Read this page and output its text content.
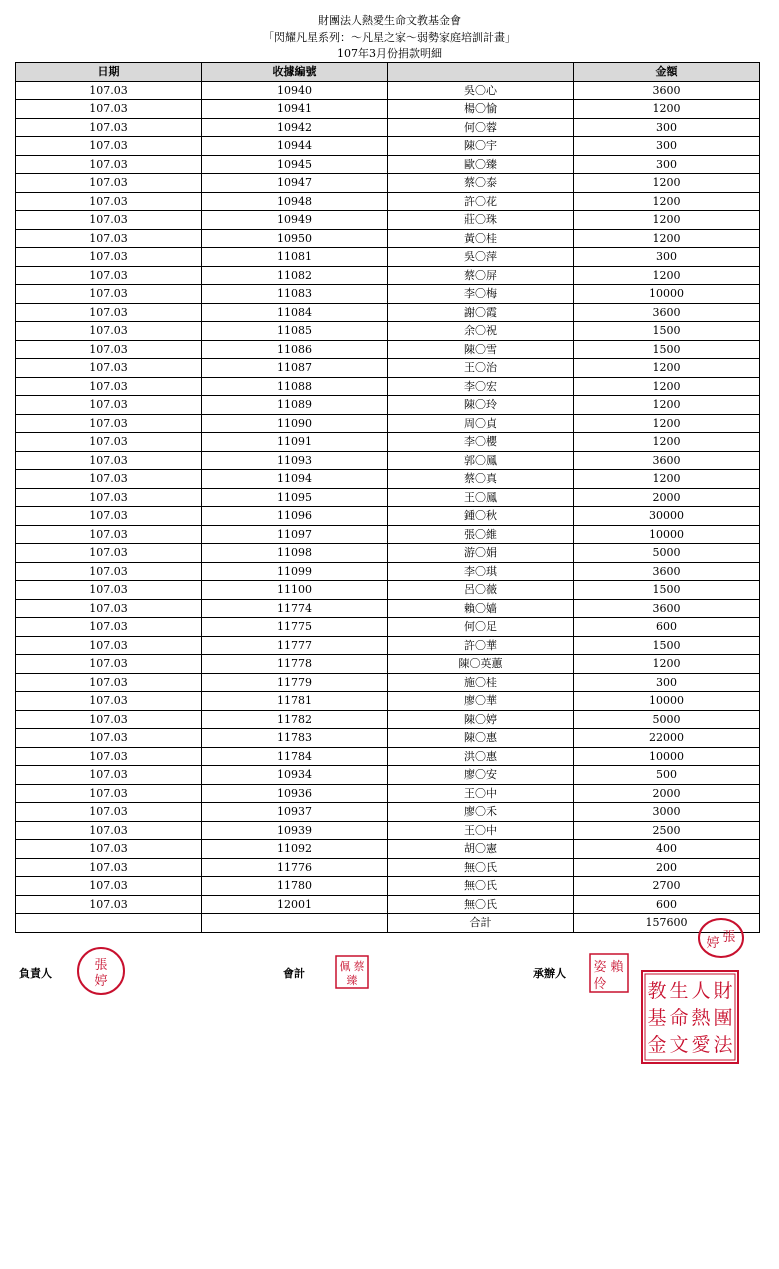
財團法人熱愛生命文教基金會
「閃耀凡星系列：〜凡星之家〜弱勢家庭培訓計畫」
107年3月份捐款明細
日期	收據編號		金額
107.03	10940	吳〇心	3600
107.03	10941	楊〇愉	1200
107.03	10942	何〇蓉	300
107.03	10944	陳〇宇	300
107.03	10945	歐〇臻	300
107.03	10947	蔡〇泰	1200
107.03	10948	許〇花	1200
107.03	10949	莊〇珠	1200
107.03	10950	黃〇桂	1200
107.03	11081	吳〇萍	300
107.03	11082	蔡〇屏	1200
107.03	11083	李〇梅	10000
107.03	11084	謝〇霞	3600
107.03	11085	余〇祝	1500
107.03	11086	陳〇雪	1500
107.03	11087	王〇治	1200
107.03	11088	李〇宏	1200
107.03	11089	陳〇玲	1200
107.03	11090	周〇貞	1200
107.03	11091	李〇櫻	1200
107.03	11093	郭〇鳳	3600
107.03	11094	蔡〇真	1200
107.03	11095	王〇鳳	2000
107.03	11096	鍾〇秋	30000
107.03	11097	張〇維	10000
107.03	11098	游〇娟	5000
107.03	11099	李〇琪	3600
107.03	11100	呂〇薇	1500
107.03	11774	賴〇嫱	3600
107.03	11775	何〇足	600
107.03	11777	許〇華	1500
107.03	11778	陳〇英蕙	1200
107.03	11779	施〇桂	300
107.03	11781	廖〇華	10000
107.03	11782	陳〇婷	5000
107.03	11783	陳〇惠	22000
107.03	11784	洪〇惠	10000
107.03	10934	廖〇安	500
107.03	10936	王〇中	2000
107.03	10937	廖〇禾	3000
107.03	10939	王〇中	2500
107.03	11092	胡〇憲	400
107.03	11776	無〇氏	200
107.03	11780	無〇氏	2700
107.03	12001	無〇氏	600
		合計	157600
負責人	會計	承辦人
張
婷
蔡
佩
臻
賴
姿
伶
張
婷
財
團
法
人
熱
愛
生
命
文
教
基
金
